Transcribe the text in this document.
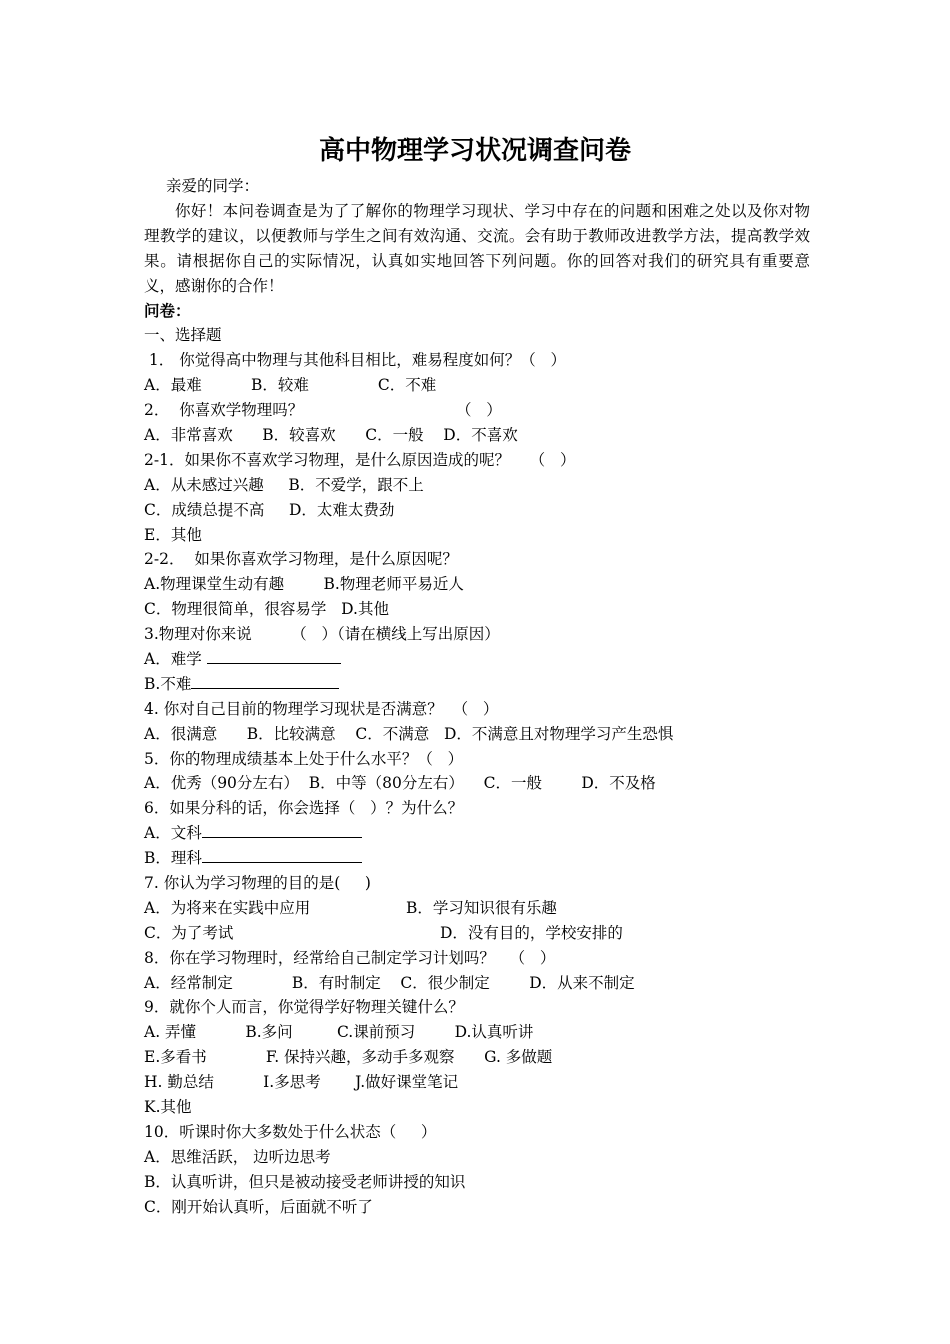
高中物理学习状况调查问卷
亲爱的同学：
你好！本问卷调查是为了了解你的物理学习现状、学习中存在的问题和困难之处以及你对物理教学的建议，以便教师与学生之间有效沟通、交流。会有助于教师改进教学方法，提高教学效果。请根据你自己的实际情况，认真如实地回答下列问题。你的回答对我们的研究具有重要意义，感谢你的合作！
问卷：
一、选择题
1． 你觉得高中物理与其他科目相比，难易程度如何？（   ）
A．最难          B．较难              C．不难
2．  你喜欢学物理吗？                               （   ）
A．非常喜欢      B．较喜欢      C．一般    D．不喜欢
2-1．如果你不喜欢学习物理，是什么原因造成的呢？    （   ）
A．从未感过兴趣     B．不爱学，跟不上
C．成绩总提不高     D．太难太费劲
E．其他
2-2．  如果你喜欢学习物理，是什么原因呢？
A.物理课堂生动有趣        B.物理老师平易近人
C．物理很简单，很容易学   D.其他
3.物理对你来说        （   ）（请在横线上写出原因）
A．难学
B.不难
4. 你对自己目前的物理学习现状是否满意？  （   ）
A．很满意      B．比较满意    C．不满意   D．不满意且对物理学习产生恐惧
5．你的物理成绩基本上处于什么水平？（   ）
A．优秀（90分左右）  B．中等（80分左右）    C．一般        D．不及格
6．如果分科的话，你会选择（   ）？为什么？
A．文科
B．理科
7. 你认为学习物理的目的是(     )
A．为将来在实践中应用	B．学习知识很有乐趣
C．为了考试	D．没有目的，学校安排的
8．你在学习物理时，经常给自己制定学习计划吗？   （   ）
A．经常制定            B．有时制定    C．很少制定        D．从来不制定
9．就你个人而言，你觉得学好物理关键什么？
A. 弄懂          B.多问         C.课前预习        D.认真听讲
E.多看书            F. 保持兴趣，多动手多观察      G. 多做题
H. 勤总结          I.多思考       J.做好课堂笔记
K.其他
10．听课时你大多数处于什么状态（     ）
A．思维活跃， 边听边思考
B．认真听讲，但只是被动接受老师讲授的知识
C．刚开始认真听，后面就不听了
